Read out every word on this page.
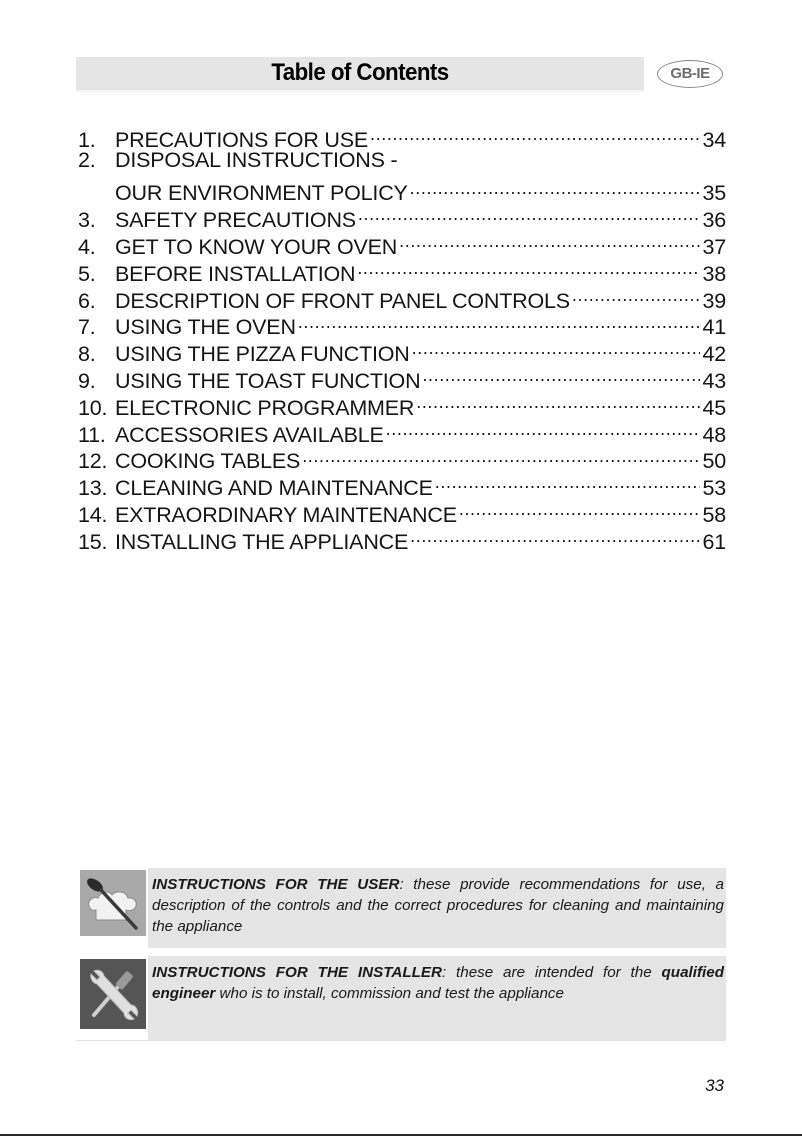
Table of Contents	GB-IE
1. PRECAUTIONS FOR USE .....	34
2. DISPOSAL INSTRUCTIONS -
OUR ENVIRONMENT POLICY .....	35
3. SAFETY PRECAUTIONS .....	36
4. GET TO KNOW YOUR OVEN .....	37
5. BEFORE INSTALLATION .....	38
6. DESCRIPTION OF FRONT PANEL CONTROLS .....	39
7. USING THE OVEN .....	41
8. USING THE PIZZA FUNCTION .....	42
9. USING THE TOAST FUNCTION .....	43
10. ELECTRONIC PROGRAMMER .....	45
11. ACCESSORIES AVAILABLE .....	48
12. COOKING TABLES .....	50
13. CLEANING AND MAINTENANCE .....	53
14. EXTRAORDINARY MAINTENANCE .....	58
15. INSTALLING THE APPLIANCE .....	61
INSTRUCTIONS FOR THE USER: these provide recommendations for use, a description of the controls and the correct procedures for cleaning and maintaining the appliance
INSTRUCTIONS FOR THE INSTALLER: these are intended for the qualified engineer who is to install, commission and test the appliance
33
